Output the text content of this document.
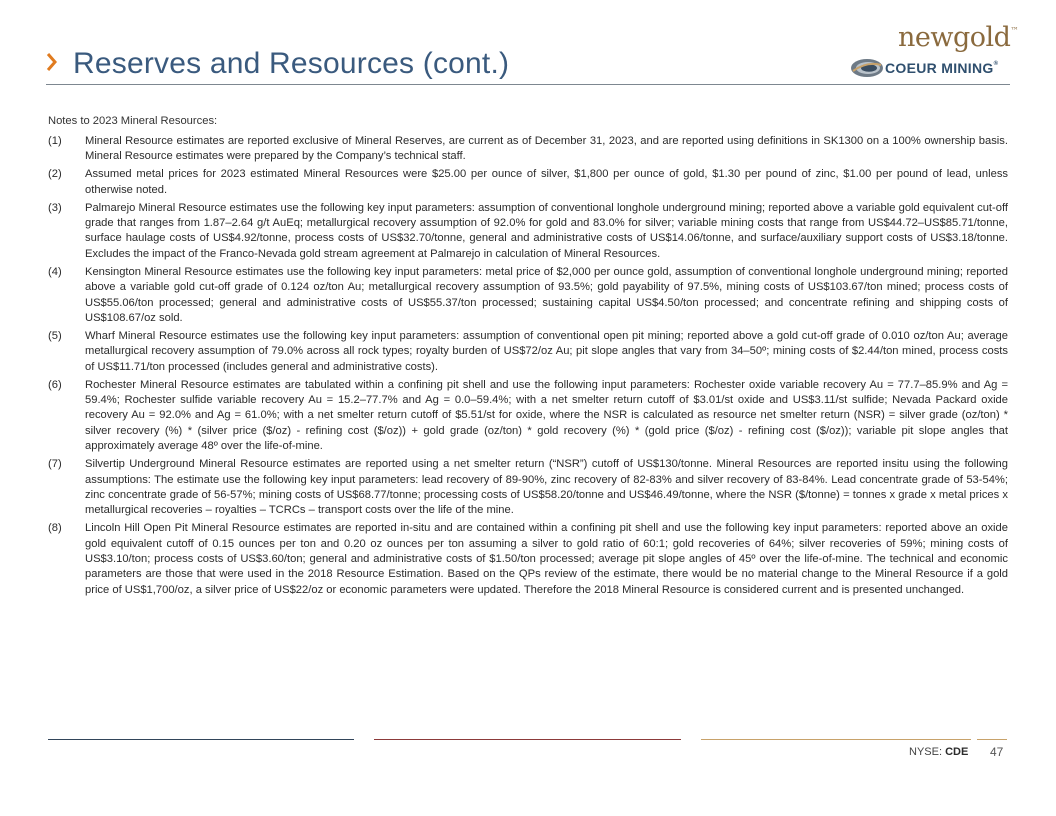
Reserves and Resources (cont.)
newgold™
COEUR MINING®
Notes to 2023 Mineral Resources:
(1) Mineral Resource estimates are reported exclusive of Mineral Reserves, are current as of December 31, 2023, and are reported using definitions in SK1300 on a 100% ownership basis. Mineral Resource estimates were prepared by the Company’s technical staff.
(2) Assumed metal prices for 2023 estimated Mineral Resources were $25.00 per ounce of silver, $1,800 per ounce of gold, $1.30 per pound of zinc, $1.00 per pound of lead, unless otherwise noted.
(3) Palmarejo Mineral Resource estimates use the following key input parameters: assumption of conventional longhole underground mining; reported above a variable gold equivalent cut-off grade that ranges from 1.87–2.64 g/t AuEq; metallurgical recovery assumption of 92.0% for gold and 83.0% for silver; variable mining costs that range from US$44.72–US$85.71/tonne, surface haulage costs of US$4.92/tonne, process costs of US$32.70/tonne, general and administrative costs of US$14.06/tonne, and surface/auxiliary support costs of US$3.18/tonne. Excludes the impact of the Franco-Nevada gold stream agreement at Palmarejo in calculation of Mineral Resources.
(4) Kensington Mineral Resource estimates use the following key input parameters: metal price of $2,000 per ounce gold, assumption of conventional longhole underground mining; reported above a variable gold cut-off grade of 0.124 oz/ton Au; metallurgical recovery assumption of 93.5%; gold payability of 97.5%, mining costs of US$103.67/ton mined; process costs of US$55.06/ton processed; general and administrative costs of US$55.37/ton processed; sustaining capital US$4.50/ton processed; and concentrate refining and shipping costs of US$108.67/oz sold.
(5) Wharf Mineral Resource estimates use the following key input parameters: assumption of conventional open pit mining; reported above a gold cut-off grade of 0.010 oz/ton Au; average metallurgical recovery assumption of 79.0% across all rock types; royalty burden of US$72/oz Au; pit slope angles that vary from 34–50º; mining costs of $2.44/ton mined, process costs of US$11.71/ton processed (includes general and administrative costs).
(6) Rochester Mineral Resource estimates are tabulated within a confining pit shell and use the following input parameters: Rochester oxide variable recovery Au = 77.7–85.9% and Ag = 59.4%; Rochester sulfide variable recovery Au = 15.2–77.7% and Ag = 0.0–59.4%; with a net smelter return cutoff of $3.01/st oxide and US$3.11/st sulfide; Nevada Packard oxide recovery Au = 92.0% and Ag = 61.0%; with a net smelter return cutoff of $5.51/st for oxide, where the NSR is calculated as resource net smelter return (NSR) = silver grade (oz/ton) * silver recovery (%) * (silver price ($/oz) - refining cost ($/oz)) + gold grade (oz/ton) * gold recovery (%) * (gold price ($/oz) - refining cost ($/oz)); variable pit slope angles that approximately average 48º over the life-of-mine.
(7) Silvertip Underground Mineral Resource estimates are reported using a net smelter return (“NSR”) cutoff of US$130/tonne. Mineral Resources are reported insitu using the following assumptions: The estimate use the following key input parameters: lead recovery of 89-90%, zinc recovery of 82-83% and silver recovery of 83-84%. Lead concentrate grade of 53-54%; zinc concentrate grade of 56-57%; mining costs of US$68.77/tonne; processing costs of US$58.20/tonne and US$46.49/tonne, where the NSR ($/tonne) = tonnes x grade x metal prices x metallurgical recoveries – royalties – TCRCs – transport costs over the life of the mine.
(8) Lincoln Hill Open Pit Mineral Resource estimates are reported in-situ and are contained within a confining pit shell and use the following key input parameters: reported above an oxide gold equivalent cutoff of 0.15 ounces per ton and 0.20 oz ounces per ton assuming a silver to gold ratio of 60:1; gold recoveries of 64%; silver recoveries of 59%; mining costs of US$3.10/ton; process costs of US$3.60/ton; general and administrative costs of $1.50/ton processed; average pit slope angles of 45º over the life-of-mine. The technical and economic parameters are those that were used in the 2018 Resource Estimation. Based on the QPs review of the estimate, there would be no material change to the Mineral Resource if a gold price of US$1,700/oz, a silver price of US$22/oz or economic parameters were updated. Therefore the 2018 Mineral Resource is considered current and is presented unchanged.
NYSE: CDE 47
